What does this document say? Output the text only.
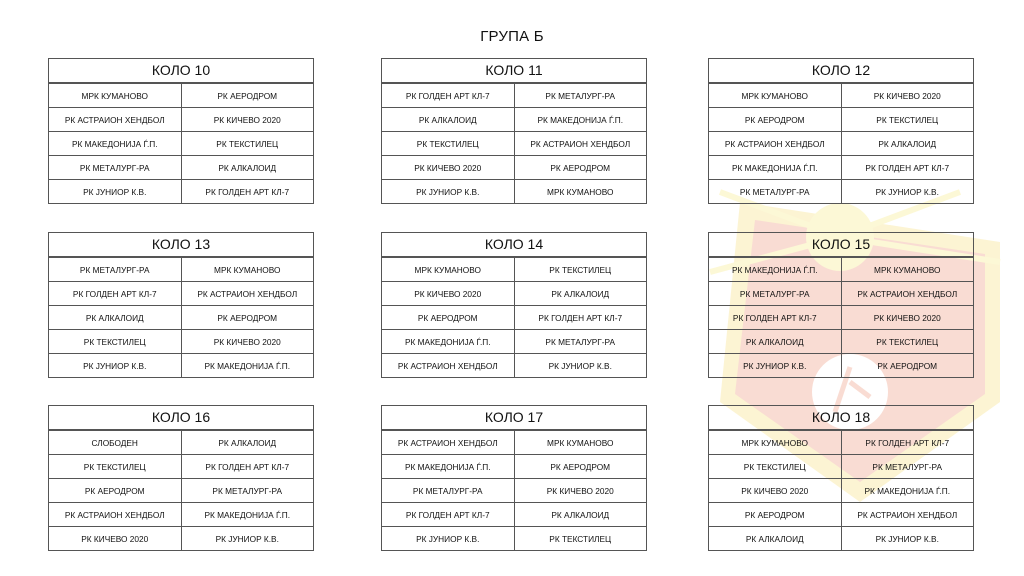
ГРУПА Б
КОЛО 10
МРК КУМАНОВО	РК АЕРОДРОМ
РК АСТРАИОН ХЕНДБОЛ	РК КИЧЕВО 2020
РК МАКЕДОНИЈА Ѓ.П.	РК ТЕКСТИЛЕЦ
РК МЕТАЛУРГ-РА	РК АЛКАЛОИД
РК ЈУНИОР К.В.	РК ГОЛДЕН АРТ КЛ-7
КОЛО 11
РК ГОЛДЕН АРТ КЛ-7	РК МЕТАЛУРГ-РА
РК АЛКАЛОИД	РК МАКЕДОНИЈА Ѓ.П.
РК ТЕКСТИЛЕЦ	РК АСТРАИОН ХЕНДБОЛ
РК КИЧЕВО 2020	РК АЕРОДРОМ
РК ЈУНИОР К.В.	МРК КУМАНОВО
КОЛО 12
МРК КУМАНОВО	РК КИЧЕВО 2020
РК АЕРОДРОМ	РК ТЕКСТИЛЕЦ
РК АСТРАИОН ХЕНДБОЛ	РК АЛКАЛОИД
РК МАКЕДОНИЈА Ѓ.П.	РК ГОЛДЕН АРТ КЛ-7
РК МЕТАЛУРГ-РА	РК ЈУНИОР К.В.
КОЛО 13
РК МЕТАЛУРГ-РА	МРК КУМАНОВО
РК ГОЛДЕН АРТ КЛ-7	РК АСТРАИОН ХЕНДБОЛ
РК АЛКАЛОИД	РК АЕРОДРОМ
РК ТЕКСТИЛЕЦ	РК КИЧЕВО 2020
РК ЈУНИОР К.В.	РК МАКЕДОНИЈА Ѓ.П.
КОЛО 14
МРК КУМАНОВО	РК ТЕКСТИЛЕЦ
РК КИЧЕВО 2020	РК АЛКАЛОИД
РК АЕРОДРОМ	РК ГОЛДЕН АРТ КЛ-7
РК МАКЕДОНИЈА Ѓ.П.	РК МЕТАЛУРГ-РА
РК АСТРАИОН ХЕНДБОЛ	РК ЈУНИОР К.В.
КОЛО 15
РК МАКЕДОНИЈА Ѓ.П.	МРК КУМАНОВО
РК МЕТАЛУРГ-РА	РК АСТРАИОН ХЕНДБОЛ
РК ГОЛДЕН АРТ КЛ-7	РК КИЧЕВО 2020
РК АЛКАЛОИД	РК ТЕКСТИЛЕЦ
РК ЈУНИОР К.В.	РК АЕРОДРОМ
КОЛО 16
СЛОБОДЕН	РК АЛКАЛОИД
РК ТЕКСТИЛЕЦ	РК ГОЛДЕН АРТ КЛ-7
РК АЕРОДРОМ	РК МЕТАЛУРГ-РА
РК АСТРАИОН ХЕНДБОЛ	РК МАКЕДОНИЈА Ѓ.П.
РК КИЧЕВО 2020	РК ЈУНИОР К.В.
КОЛО 17
РК АСТРАИОН ХЕНДБОЛ	МРК КУМАНОВО
РК МАКЕДОНИЈА Ѓ.П.	РК АЕРОДРОМ
РК МЕТАЛУРГ-РА	РК КИЧЕВО 2020
РК ГОЛДЕН АРТ КЛ-7	РК АЛКАЛОИД
РК ЈУНИОР К.В.	РК ТЕКСТИЛЕЦ
КОЛО 18
МРК КУМАНОВО	РК ГОЛДЕН АРТ КЛ-7
РК ТЕКСТИЛЕЦ	РК МЕТАЛУРГ-РА
РК КИЧЕВО 2020	РК МАКЕДОНИЈА Ѓ.П.
РК АЕРОДРОМ	РК АСТРАИОН ХЕНДБОЛ
РК АЛКАЛОИД	РК ЈУНИОР К.В.
